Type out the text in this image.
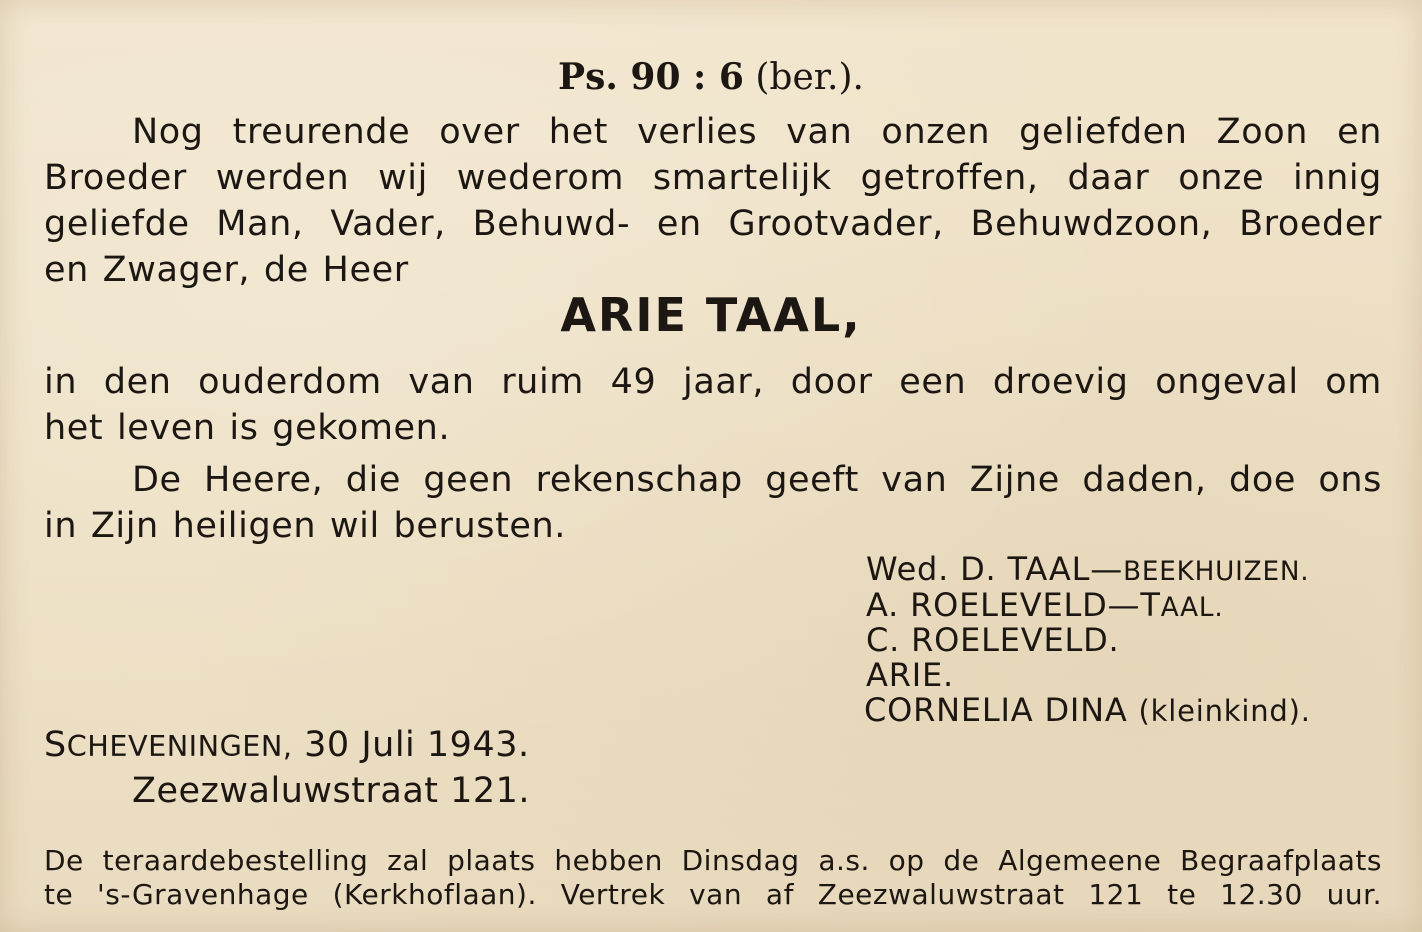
Ps. 90 : 6 (ber.).
Nog treurende over het verlies van onzen geliefden Zoon en
Broeder werden wij wederom smartelijk getroffen, daar onze innig
geliefde Man, Vader, Behuwd- en Grootvader, Behuwdzoon, Broeder
en Zwager, de Heer
ARIE TAAL,
in den ouderdom van ruim 49 jaar, door een droevig ongeval om
het leven is gekomen.
De Heere, die geen rekenschap geeft van Zijne daden, doe ons
in Zijn heiligen wil berusten.
Wed. D. TAAL—BEEKHUIZEN.
A. ROELEVELD—TAAL.
C. ROELEVELD.
ARIE.
CORNELIA DINA (kleinkind).
SCHEVENINGEN, 30 Juli 1943.
Zeezwaluwstraat 121.
De teraardebestelling zal plaats hebben Dinsdag a.s. op de Algemeene Begraafplaats
te 's-Gravenhage (Kerkhoflaan). Vertrek van af Zeezwaluwstraat 121 te 12.30 uur.
